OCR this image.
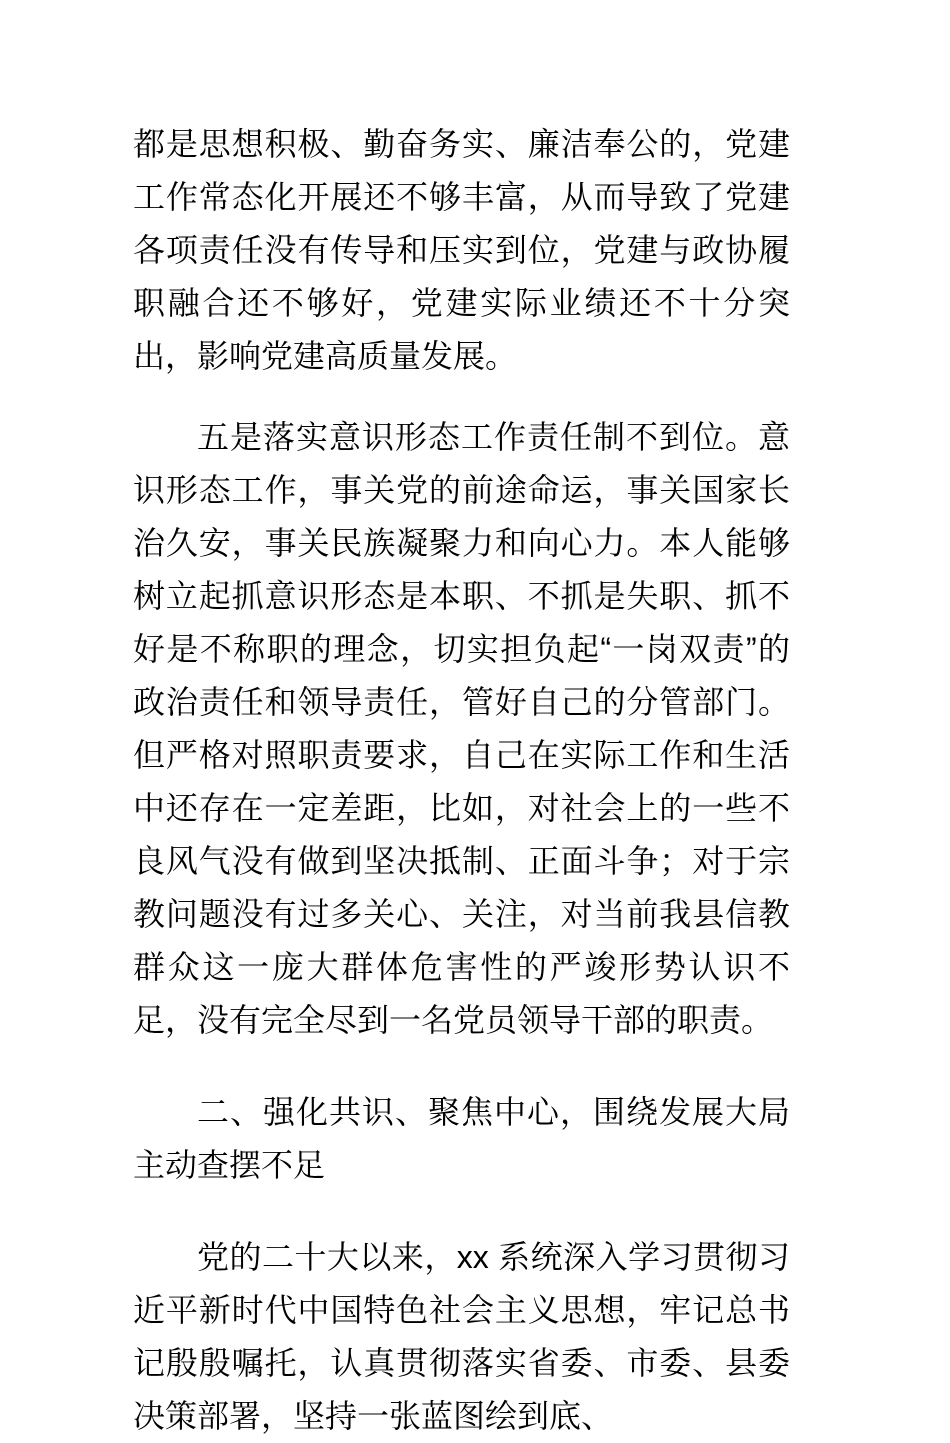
都是思想积极、勤奋务实、廉洁奉公的，党建工作常态化开展还不够丰富，从而导致了党建各项责任没有传导和压实到位，党建与政协履职融合还不够好，党建实际业绩还不十分突出，影响党建高质量发展。

五是落实意识形态工作责任制不到位。意识形态工作，事关党的前途命运，事关国家长治久安，事关民族凝聚力和向心力。本人能够树立起抓意识形态是本职、不抓是失职、抓不好是不称职的理念，切实担负起“一岗双责”的政治责任和领导责任，管好自己的分管部门。但严格对照职责要求，自己在实际工作和生活中还存在一定差距，比如，对社会上的一些不良风气没有做到坚决抵制、正面斗争；对于宗教问题没有过多关心、关注，对当前我县信教群众这一庞大群体危害性的严竣形势认识不足，没有完全尽到一名党员领导干部的职责。

二、强化共识、聚焦中心，围绕发展大局主动查摆不足

党的二十大以来，xx 系统深入学习贯彻习近平新时代中国特色社会主义思想，牢记总书记殷殷嘱托，认真贯彻落实省委、市委、县委决策部署，坚持一张蓝图绘到底、
